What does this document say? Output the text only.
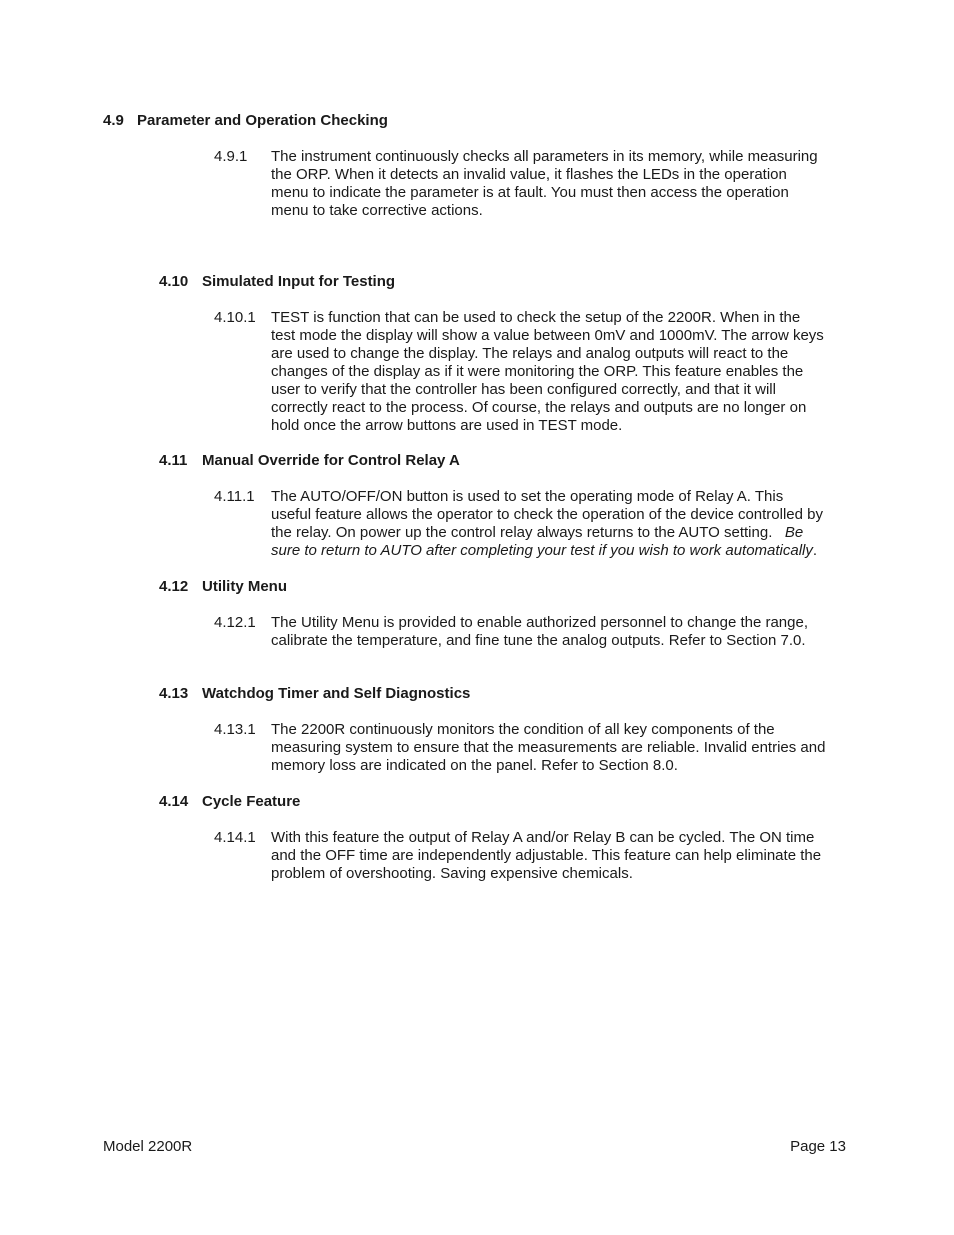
4.9 Parameter and Operation Checking
4.9.1 The instrument continuously checks all parameters in its memory, while measuring
the ORP. When it detects an invalid value, it flashes the LEDs in the operation
menu to indicate the parameter is at fault. You must then access the operation
menu to take corrective actions.
4.10 Simulated Input for Testing
4.10.1 TEST is function that can be used to check the setup of the 2200R. When in the
test mode the display will show a value between 0mV and 1000mV. The arrow keys
are used to change the display. The relays and analog outputs will react to the
changes of the display as if it were monitoring the ORP. This feature enables the
user to verify that the controller has been configured correctly, and that it will
correctly react to the process. Of course, the relays and outputs are no longer on
hold once the arrow buttons are used in TEST mode.
4.11 Manual Override for Control Relay A
4.11.1 The AUTO/OFF/ON button is used to set the operating mode of Relay A. This
useful feature allows the operator to check the operation of the device controlled by
the relay. On power up the control relay always returns to the AUTO setting. Be
sure to return to AUTO after completing your test if you wish to work automatically.
4.12 Utility Menu
4.12.1 The Utility Menu is provided to enable authorized personnel to change the range,
calibrate the temperature, and fine tune the analog outputs. Refer to Section 7.0.
4.13 Watchdog Timer and Self Diagnostics
4.13.1 The 2200R continuously monitors the condition of all key components of the
measuring system to ensure that the measurements are reliable. Invalid entries and
memory loss are indicated on the panel. Refer to Section 8.0.
4.14 Cycle Feature
4.14.1 With this feature the output of Relay A and/or Relay B can be cycled. The ON time
and the OFF time are independently adjustable. This feature can help eliminate the
problem of overshooting. Saving expensive chemicals.
Model 2200R	Page 13
